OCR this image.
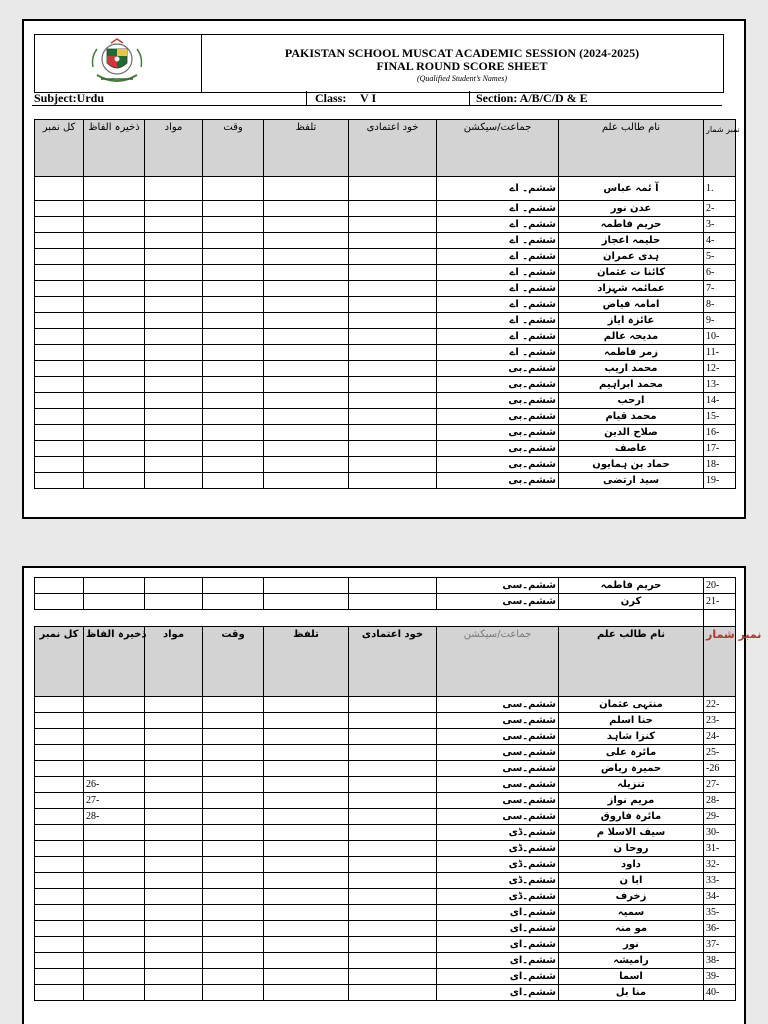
PAKISTAN SCHOOL MUSCAT ACADEMIC SESSION (2024-2025)
FINAL ROUND SCORE SHEET
(Qualified Student’s Names)
Subject:Urdu	Class: V I	Section: A/B/C/D & E
کل نمبر	ذخیرہ الفاظ	مواد	وقت	تلفظ	خود اعتمادی	جماعت/سیکشن	نام طالب علم	نمبر شمار
						ششم۔ اے	آ ئمہ عباس	1.
						ششم۔ اے	عدن نور	2-
						ششم۔ اے	حریم فاطمہ	3-
						ششم۔ اے	حلیمہ اعجاز	4-
						ششم۔ اے	ہدی عمران	5-
						ششم۔ اے	کائنا ت عثمان	6-
						ششم۔ اے	عمائمہ شہزاد	7-
						ششم۔ اے	امامہ فیاض	8-
						ششم۔ اے	عائزہ ایاز	9-
						ششم۔ اے	مدیحہ عالم	10-
						ششم۔ اے	زمر فاطمہ	11-
						ششم۔بی	محمد اریب	12-
						ششم۔بی	محمد ابراہیم	13-
						ششم۔بی	ارحب	14-
						ششم۔بی	محمد قیام	15-
						ششم۔بی	صلاح الدین	16-
						ششم۔بی	عاصف	17-
						ششم۔بی	حماد بن ہمایوں	18-
						ششم۔بی	سید ارتضی	19-
						ششم۔سی	حریم فاطمہ	20-
						ششم۔سی	کرن	21-

کل نمبر	ذخیرہ الفاظ	مواد	وقت	تلفظ	خود اعتمادی	جماعت/سیکشن	نام طالب علم	نمبر شمار
						ششم۔سی	منتہی عثمان	22-
						ششم۔سی	حنا اسلم	23-
						ششم۔سی	کنزا شاہد	24-
						ششم۔سی	مائرہ علی	25-
						ششم۔سی	حمیرہ ریاض	-26
	26-					ششم۔سی	تنزیلہ	27-
	27-					ششم۔سی	مریم نواز	28-
	28-					ششم۔سی	مائرہ فاروق	29-
						ششم۔ڈی	سیف الاسلا م	30-
						ششم۔ڈی	روحا ن	31-
						ششم۔ڈی	داود	32-
						ششم۔ڈی	ابا ن	33-
						ششم۔ڈی	زخرف	34-
						ششم۔ای	سمیہ	35-
						ششم۔ای	مو منہ	36-
						ششم۔ای	نور	37-
						ششم۔ای	رامیشہ	38-
						ششم۔ای	اسما	39-
						ششم۔ای	منا بل	40-
